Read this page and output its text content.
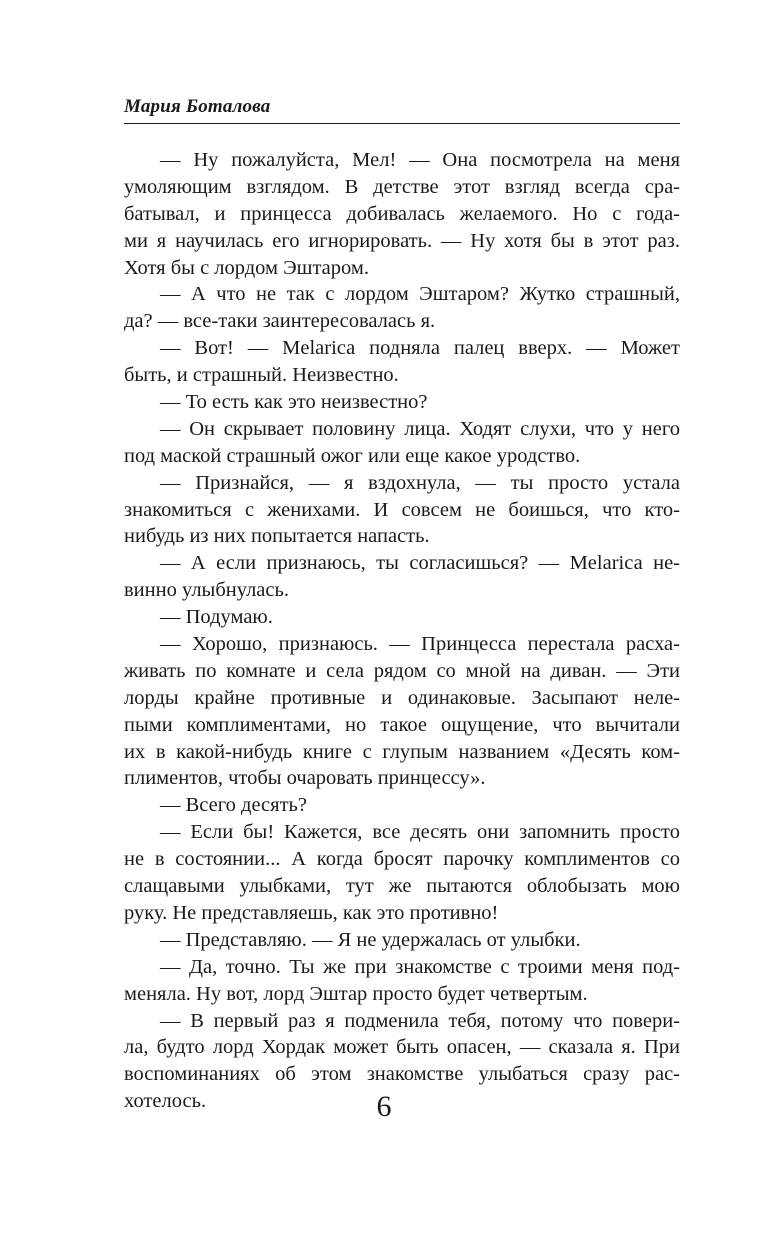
Мария Боталова
— Ну пожалуйста, Мел! — Она посмотрела на меня
умоляющим взглядом. В детстве этот взгляд всегда сра-
батывал, и принцесса добивалась желаемого. Но с года-
ми я научилась его игнорировать. — Ну хотя бы в этот раз.
Хотя бы с лордом Эштаром.
— А что не так с лордом Эштаром? Жутко страшный,
да? — все-таки заинтересовалась я.
— Вот! — Melariса подняла палец вверх. — Может
быть, и страшный. Неизвестно.
— То есть как это неизвестно?
— Он скрывает половину лица. Ходят слухи, что у него
под маской страшный ожог или еще какое уродство.
— Признайся, — я вздохнула, — ты просто устала
знакомиться с женихами. И совсем не боишься, что кто-
нибудь из них попытается напасть.
— А если признаюсь, ты согласишься? — Melariса не-
винно улыбнулась.
— Подумаю.
— Хорошо, признаюсь. — Принцесса перестала расха-
живать по комнате и села рядом со мной на диван. — Эти
лорды крайне противные и одинаковые. Засыпают неле-
пыми комплиментами, но такое ощущение, что вычитали
их в какой-нибудь книге с глупым названием «Десять ком-
плиментов, чтобы очаровать принцессу».
— Всего десять?
— Если бы! Кажется, все десять они запомнить просто
не в состоянии... А когда бросят парочку комплиментов со
слащавыми улыбками, тут же пытаются облобызать мою
руку. Не представляешь, как это противно!
— Представляю. — Я не удержалась от улыбки.
— Да, точно. Ты же при знакомстве с троими меня под-
меняла. Ну вот, лорд Эштар просто будет четвертым.
— В первый раз я подменила тебя, потому что повери-
ла, будто лорд Хордак может быть опасен, — сказала я. При
воспоминаниях об этом знакомстве улыбаться сразу рас-
хотелось.	6
